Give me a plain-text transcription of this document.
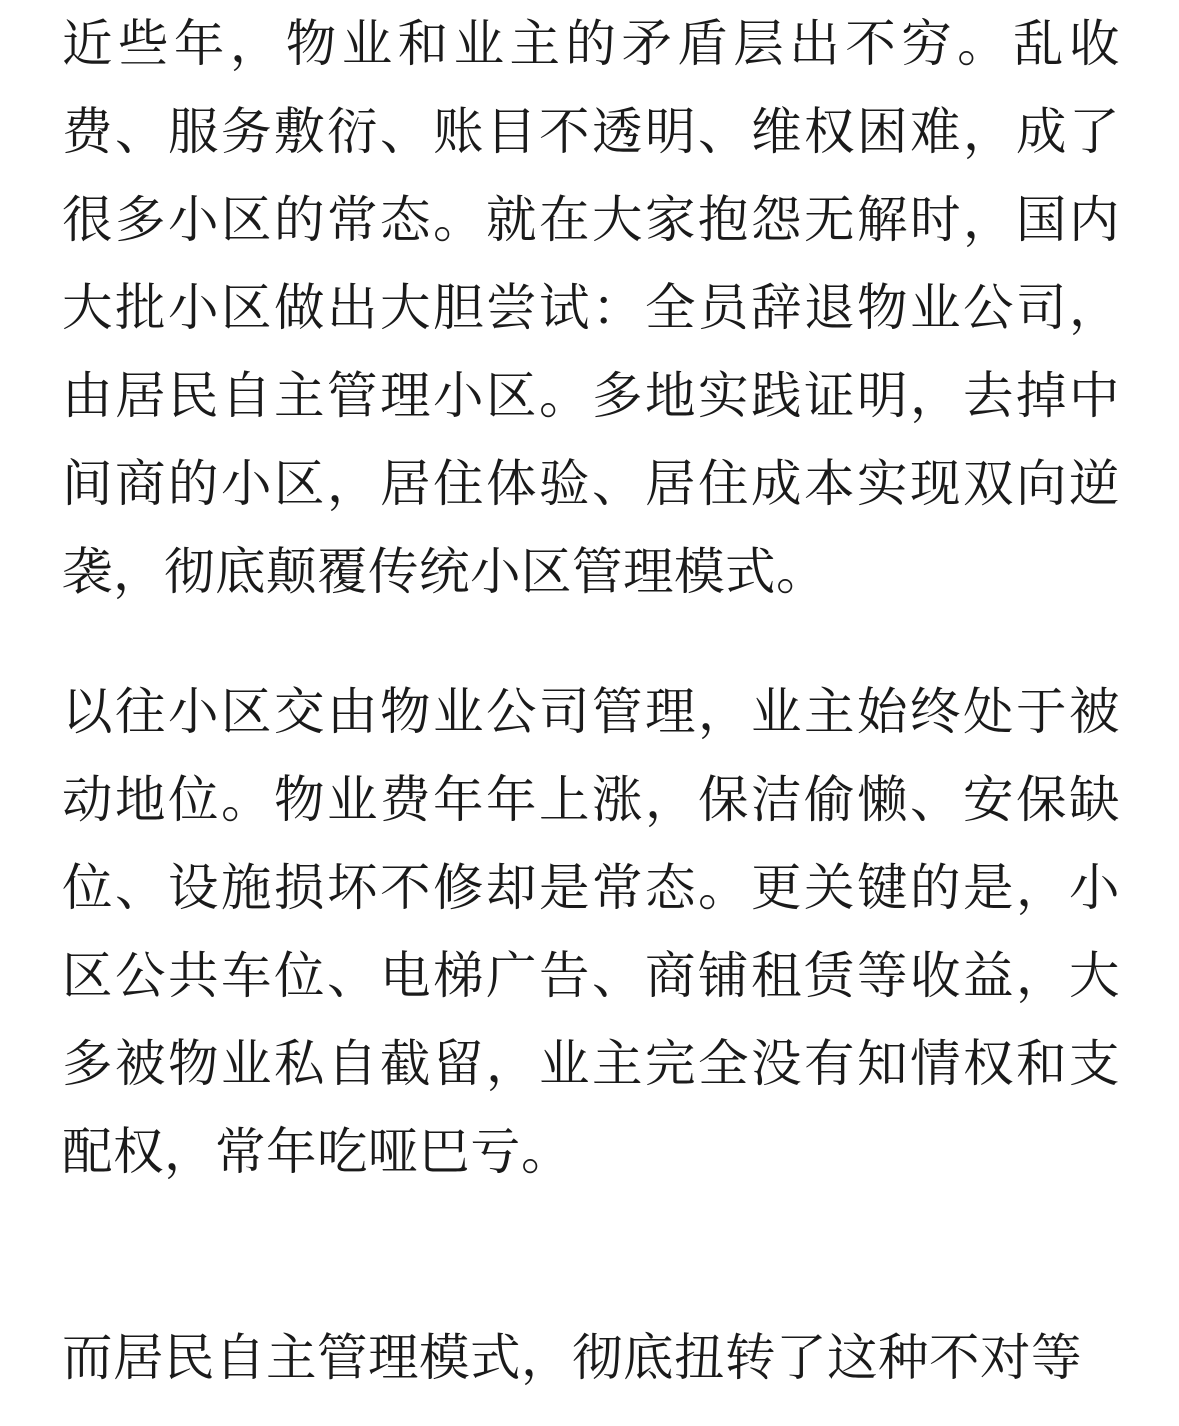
近些年，物业和业主的矛盾层出不穷。乱收费、服务敷衍、账目不透明、维权困难，成了很多小区的常态。就在大家抱怨无解时，国内大批小区做出大胆尝试：全员辞退物业公司，由居民自主管理小区。多地实践证明，去掉中间商的小区，居住体验、居住成本实现双向逆袭，彻底颠覆传统小区管理模式。

以往小区交由物业公司管理，业主始终处于被动地位。物业费年年上涨，保洁偷懒、安保缺位、设施损坏不修却是常态。更关键的是，小区公共车位、电梯广告、商铺租赁等收益，大多被物业私自截留，业主完全没有知情权和支配权，常年吃哑巴亏。

而居民自主管理模式，彻底扭转了这种不对等
